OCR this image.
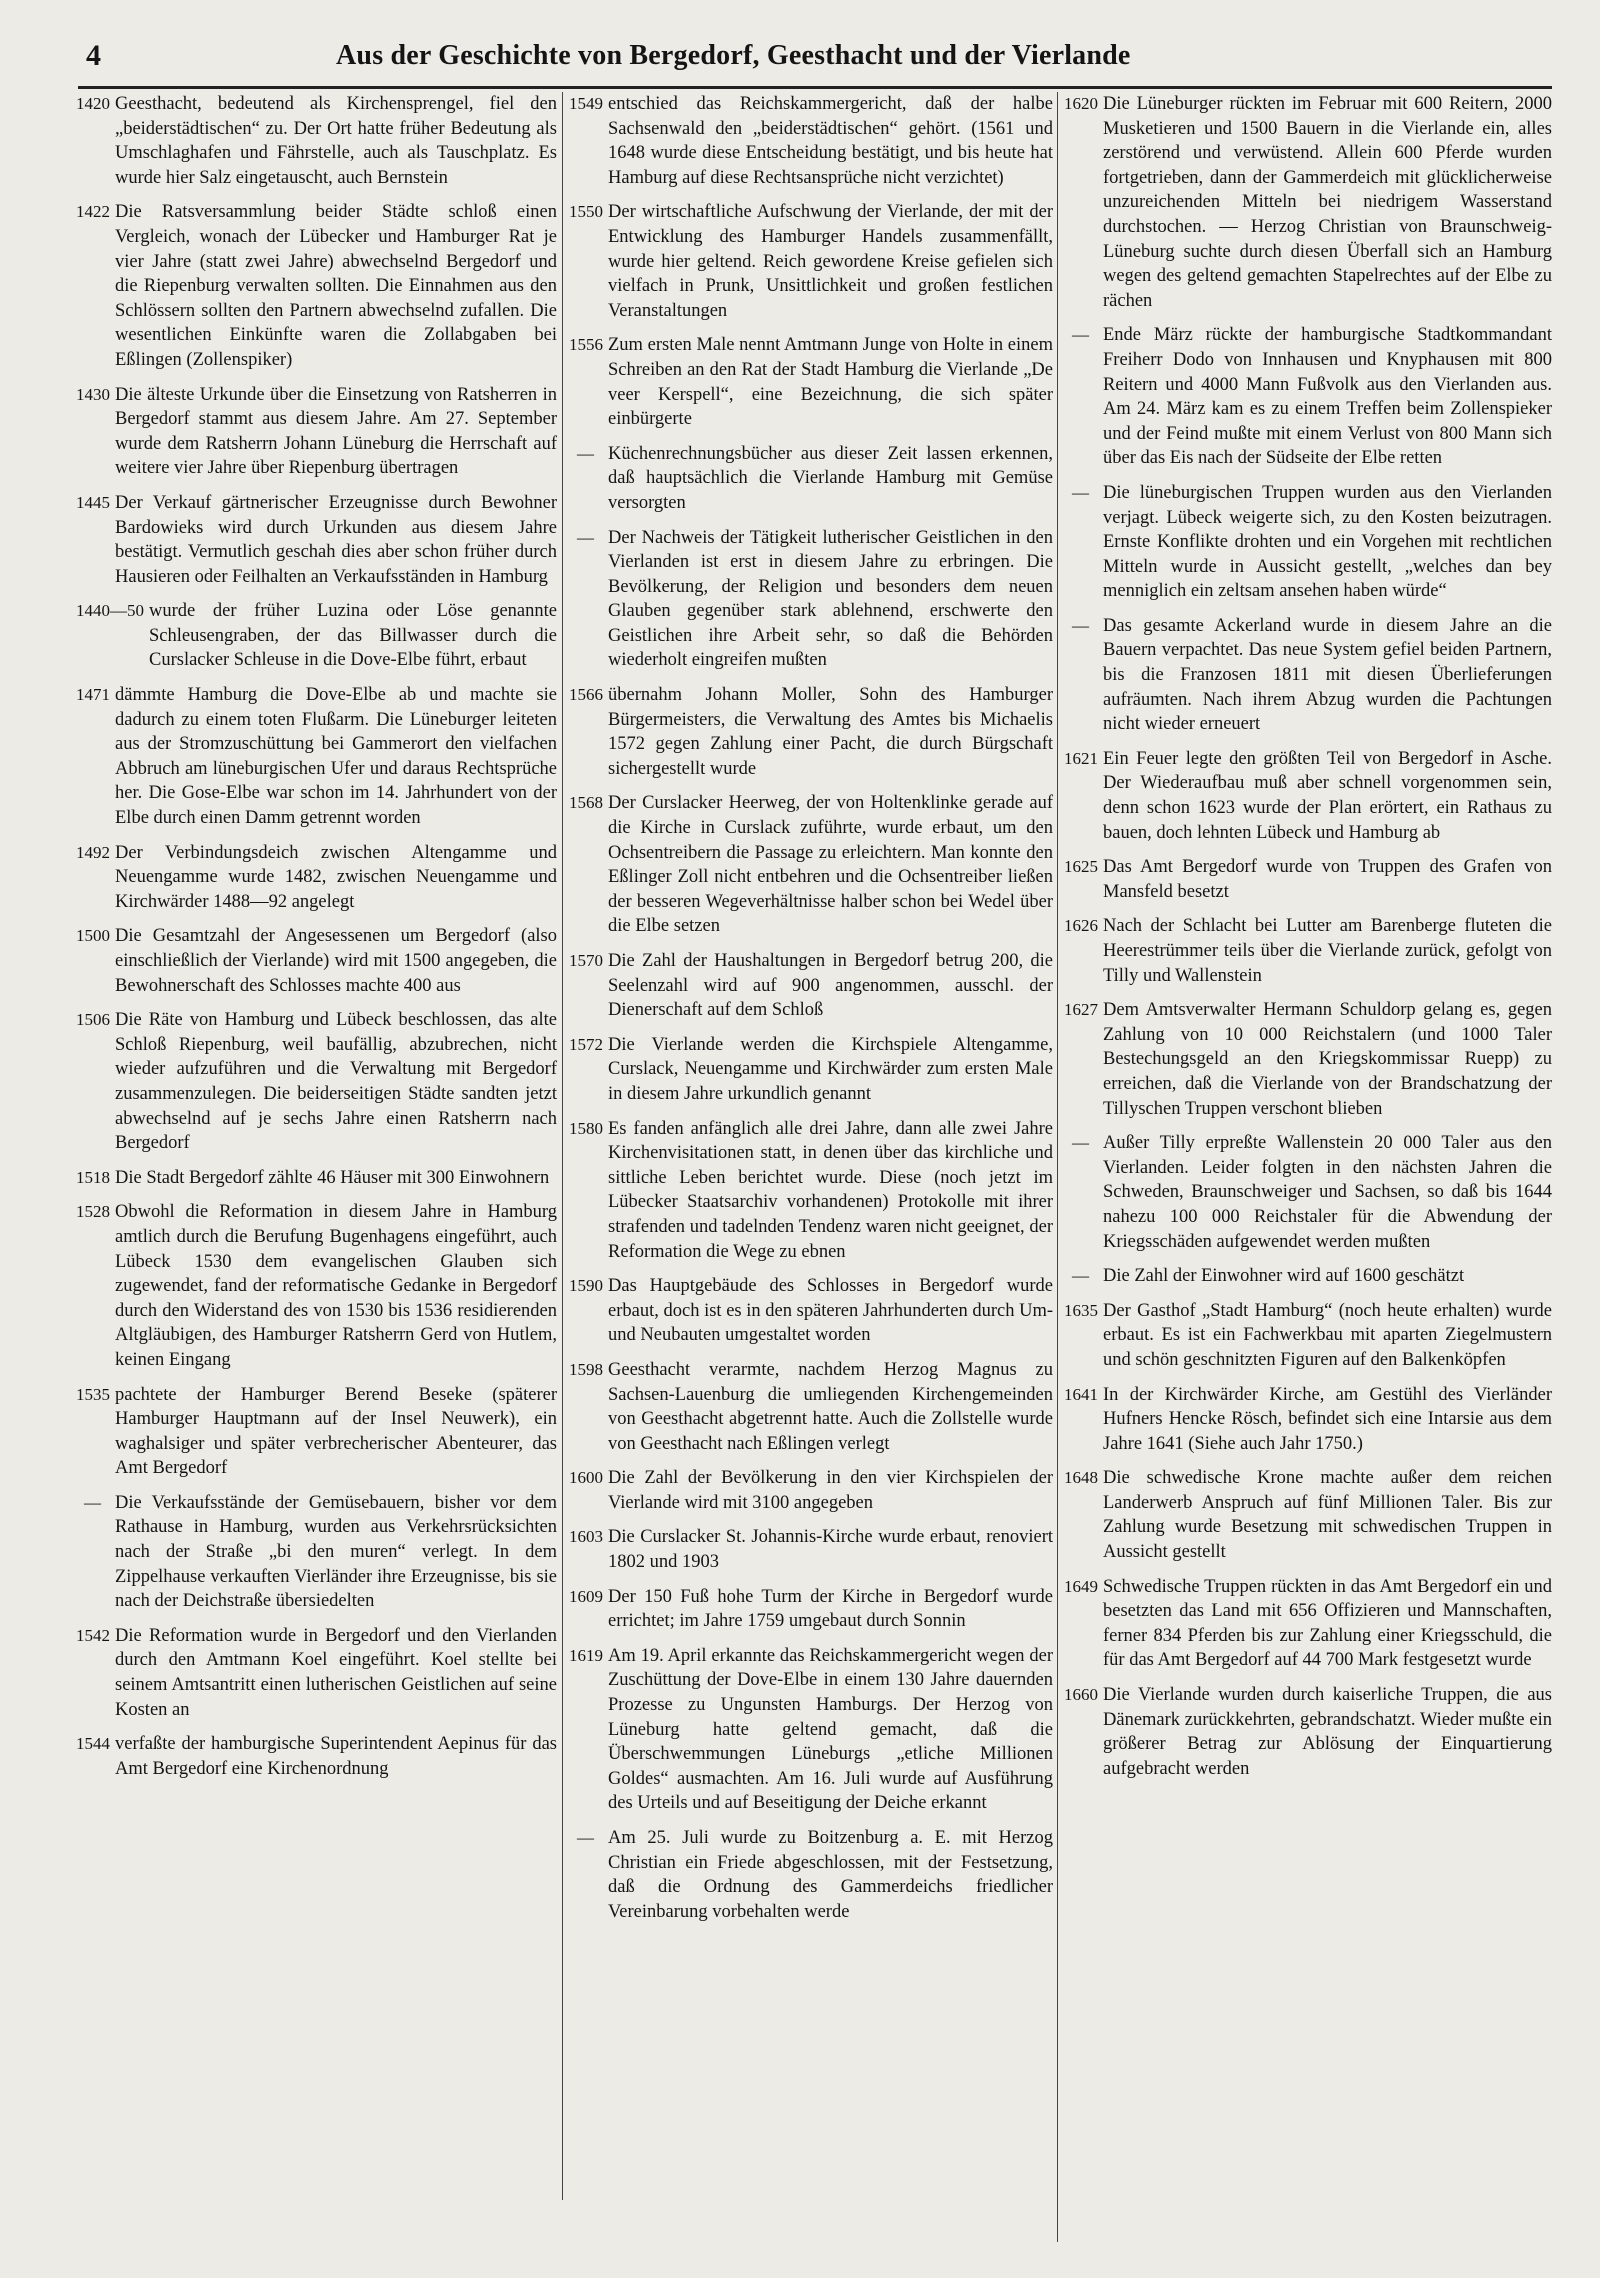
4	Aus der Geschichte von Bergedorf, Geesthacht und der Vierlande
1420 Geesthacht, bedeutend als Kirchensprengel, fiel den „beiderstädtischen“ zu. Der Ort hatte früher Bedeutung als Umschlaghafen und Fährstelle, auch als Tauschplatz. Es wurde hier Salz eingetauscht, auch Bernstein
1422 Die Ratsversammlung beider Städte schloß einen Vergleich, wonach der Lübecker und Hamburger Rat je vier Jahre (statt zwei Jahre) abwechselnd Bergedorf und die Riepenburg verwalten sollten. Die Einnahmen aus den Schlössern sollten den Partnern abwechselnd zufallen. Die wesentlichen Einkünfte waren die Zollabgaben bei Eßlingen (Zollenspiker)
1430 Die älteste Urkunde über die Einsetzung von Ratsherren in Bergedorf stammt aus diesem Jahre. Am 27. September wurde dem Ratsherrn Johann Lüneburg die Herrschaft auf weitere vier Jahre über Riepenburg übertragen
1445 Der Verkauf gärtnerischer Erzeugnisse durch Bewohner Bardowieks wird durch Urkunden aus diesem Jahre bestätigt. Vermutlich geschah dies aber schon früher durch Hausieren oder Feilhalten an Verkaufsständen in Hamburg
1440—50 wurde der früher Luzina oder Löse genannte Schleusengraben, der das Billwasser durch die Curslacker Schleuse in die Dove-Elbe führt, erbaut
1471 dämmte Hamburg die Dove-Elbe ab und machte sie dadurch zu einem toten Flußarm. Die Lüneburger leiteten aus der Stromzuschüttung bei Gammerort den vielfachen Abbruch am lüneburgischen Ufer und daraus Rechtsprüche her. Die Gose-Elbe war schon im 14. Jahrhundert von der Elbe durch einen Damm getrennt worden
1492 Der Verbindungsdeich zwischen Altengamme und Neuengamme wurde 1482, zwischen Neuengamme und Kirchwärder 1488—92 angelegt
1500 Die Gesamtzahl der Angesessenen um Bergedorf (also einschließlich der Vierlande) wird mit 1500 angegeben, die Bewohnerschaft des Schlosses machte 400 aus
1506 Die Räte von Hamburg und Lübeck beschlossen, das alte Schloß Riepenburg, weil baufällig, abzubrechen, nicht wieder aufzuführen und die Verwaltung mit Bergedorf zusammenzulegen. Die beiderseitigen Städte sandten jetzt abwechselnd auf je sechs Jahre einen Ratsherrn nach Bergedorf
1518 Die Stadt Bergedorf zählte 46 Häuser mit 300 Einwohnern
1528 Obwohl die Reformation in diesem Jahre in Hamburg amtlich durch die Berufung Bugenhagens eingeführt, auch Lübeck 1530 dem evangelischen Glauben sich zugewendet, fand der reformatische Gedanke in Bergedorf durch den Widerstand des von 1530 bis 1536 residierenden Altgläubigen, des Hamburger Ratsherrn Gerd von Hutlem, keinen Eingang
1535 pachtete der Hamburger Berend Beseke (späterer Hamburger Hauptmann auf der Insel Neuwerk), ein waghalsiger und später verbrecherischer Abenteurer, das Amt Bergedorf
— Die Verkaufsstände der Gemüsebauern, bisher vor dem Rathause in Hamburg, wurden aus Verkehrsrücksichten nach der Straße „bi den muren“ verlegt. In dem Zippelhause verkauften Vierländer ihre Erzeugnisse, bis sie nach der Deichstraße übersiedelten
1542 Die Reformation wurde in Bergedorf und den Vierlanden durch den Amtmann Koel eingeführt. Koel stellte bei seinem Amtsantritt einen lutherischen Geistlichen auf seine Kosten an
1544 verfaßte der hamburgische Superintendent Aepinus für das Amt Bergedorf eine Kirchenordnung
1549 entschied das Reichskammergericht, daß der halbe Sachsenwald den „beiderstädtischen“ gehört. (1561 und 1648 wurde diese Entscheidung bestätigt, und bis heute hat Hamburg auf diese Rechtsansprüche nicht verzichtet)
1550 Der wirtschaftliche Aufschwung der Vierlande, der mit der Entwicklung des Hamburger Handels zusammenfällt, wurde hier geltend. Reich gewordene Kreise gefielen sich vielfach in Prunk, Unsittlichkeit und großen festlichen Veranstaltungen
1556 Zum ersten Male nennt Amtmann Junge von Holte in einem Schreiben an den Rat der Stadt Hamburg die Vierlande „De veer Kerspell“, eine Bezeichnung, die sich später einbürgerte
— Küchenrechnungsbücher aus dieser Zeit lassen erkennen, daß hauptsächlich die Vierlande Hamburg mit Gemüse versorgten
— Der Nachweis der Tätigkeit lutherischer Geistlichen in den Vierlanden ist erst in diesem Jahre zu erbringen. Die Bevölkerung, der Religion und besonders dem neuen Glauben gegenüber stark ablehnend, erschwerte den Geistlichen ihre Arbeit sehr, so daß die Behörden wiederholt eingreifen mußten
1566 übernahm Johann Moller, Sohn des Hamburger Bürgermeisters, die Verwaltung des Amtes bis Michaelis 1572 gegen Zahlung einer Pacht, die durch Bürgschaft sichergestellt wurde
1568 Der Curslacker Heerweg, der von Holtenklinke gerade auf die Kirche in Curslack zuführte, wurde erbaut, um den Ochsentreibern die Passage zu erleichtern. Man konnte den Eßlinger Zoll nicht entbehren und die Ochsentreiber ließen der besseren Wegeverhältnisse halber schon bei Wedel über die Elbe setzen
1570 Die Zahl der Haushaltungen in Bergedorf betrug 200, die Seelenzahl wird auf 900 angenommen, ausschl. der Dienerschaft auf dem Schloß
1572 Die Vierlande werden die Kirchspiele Altengamme, Curslack, Neuengamme und Kirchwärder zum ersten Male in diesem Jahre urkundlich genannt
1580 Es fanden anfänglich alle drei Jahre, dann alle zwei Jahre Kirchenvisitationen statt, in denen über das kirchliche und sittliche Leben berichtet wurde. Diese (noch jetzt im Lübecker Staatsarchiv vorhandenen) Protokolle mit ihrer strafenden und tadelnden Tendenz waren nicht geeignet, der Reformation die Wege zu ebnen
1590 Das Hauptgebäude des Schlosses in Bergedorf wurde erbaut, doch ist es in den späteren Jahrhunderten durch Um- und Neubauten umgestaltet worden
1598 Geesthacht verarmte, nachdem Herzog Magnus zu Sachsen-Lauenburg die umliegenden Kirchengemeinden von Geesthacht abgetrennt hatte. Auch die Zollstelle wurde von Geesthacht nach Eßlingen verlegt
1600 Die Zahl der Bevölkerung in den vier Kirchspielen der Vierlande wird mit 3100 angegeben
1603 Die Curslacker St. Johannis-Kirche wurde erbaut, renoviert 1802 und 1903
1609 Der 150 Fuß hohe Turm der Kirche in Bergedorf wurde errichtet; im Jahre 1759 umgebaut durch Sonnin
1619 Am 19. April erkannte das Reichskammergericht wegen der Zuschüttung der Dove-Elbe in einem 130 Jahre dauernden Prozesse zu Ungunsten Hamburgs. Der Herzog von Lüneburg hatte geltend gemacht, daß die Überschwemmungen Lüneburgs „etliche Millionen Goldes“ ausmachten. Am 16. Juli wurde auf Ausführung des Urteils und auf Beseitigung der Deiche erkannt
— Am 25. Juli wurde zu Boitzenburg a. E. mit Herzog Christian ein Friede abgeschlossen, mit der Festsetzung, daß die Ordnung des Gammerdeichs friedlicher Vereinbarung vorbehalten werde
1620 Die Lüneburger rückten im Februar mit 600 Reitern, 2000 Musketieren und 1500 Bauern in die Vierlande ein, alles zerstörend und verwüstend. Allein 600 Pferde wurden fortgetrieben, dann der Gammerdeich mit glücklicherweise unzureichenden Mitteln bei niedrigem Wasserstand durchstochen. — Herzog Christian von Braunschweig-Lüneburg suchte durch diesen Überfall sich an Hamburg wegen des geltend gemachten Stapelrechtes auf der Elbe zu rächen
— Ende März rückte der hamburgische Stadtkommandant Freiherr Dodo von Innhausen und Knyphausen mit 800 Reitern und 4000 Mann Fußvolk aus den Vierlanden aus. Am 24. März kam es zu einem Treffen beim Zollenspieker und der Feind mußte mit einem Verlust von 800 Mann sich über das Eis nach der Südseite der Elbe retten
— Die lüneburgischen Truppen wurden aus den Vierlanden verjagt. Lübeck weigerte sich, zu den Kosten beizutragen. Ernste Konflikte drohten und ein Vorgehen mit rechtlichen Mitteln wurde in Aussicht gestellt, „welches dan bey menniglich ein zeltsam ansehen haben würde“
— Das gesamte Ackerland wurde in diesem Jahre an die Bauern verpachtet. Das neue System gefiel beiden Partnern, bis die Franzosen 1811 mit diesen Überlieferungen aufräumten. Nach ihrem Abzug wurden die Pachtungen nicht wieder erneuert
1621 Ein Feuer legte den größten Teil von Bergedorf in Asche. Der Wiederaufbau muß aber schnell vorgenommen sein, denn schon 1623 wurde der Plan erörtert, ein Rathaus zu bauen, doch lehnten Lübeck und Hamburg ab
1625 Das Amt Bergedorf wurde von Truppen des Grafen von Mansfeld besetzt
1626 Nach der Schlacht bei Lutter am Barenberge fluteten die Heerestrümmer teils über die Vierlande zurück, gefolgt von Tilly und Wallenstein
1627 Dem Amtsverwalter Hermann Schuldorp gelang es, gegen Zahlung von 10 000 Reichstalern (und 1000 Taler Bestechungsgeld an den Kriegskommissar Ruepp) zu erreichen, daß die Vierlande von der Brandschatzung der Tillyschen Truppen verschont blieben
— Außer Tilly erpreßte Wallenstein 20 000 Taler aus den Vierlanden. Leider folgten in den nächsten Jahren die Schweden, Braunschweiger und Sachsen, so daß bis 1644 nahezu 100 000 Reichstaler für die Abwendung der Kriegsschäden aufgewendet werden mußten
— Die Zahl der Einwohner wird auf 1600 geschätzt
1635 Der Gasthof „Stadt Hamburg“ (noch heute erhalten) wurde erbaut. Es ist ein Fachwerkbau mit aparten Ziegelmustern und schön geschnitzten Figuren auf den Balkenköpfen
1641 In der Kirchwärder Kirche, am Gestühl des Vierländer Hufners Hencke Rösch, befindet sich eine Intarsie aus dem Jahre 1641 (Siehe auch Jahr 1750.)
1648 Die schwedische Krone machte außer dem reichen Landerwerb Anspruch auf fünf Millionen Taler. Bis zur Zahlung wurde Besetzung mit schwedischen Truppen in Aussicht gestellt
1649 Schwedische Truppen rückten in das Amt Bergedorf ein und besetzten das Land mit 656 Offizieren und Mannschaften, ferner 834 Pferden bis zur Zahlung einer Kriegsschuld, die für das Amt Bergedorf auf 44 700 Mark festgesetzt wurde
1660 Die Vierlande wurden durch kaiserliche Truppen, die aus Dänemark zurückkehrten, gebrandschatzt. Wieder mußte ein größerer Betrag zur Ablösung der Einquartierung aufgebracht werden
